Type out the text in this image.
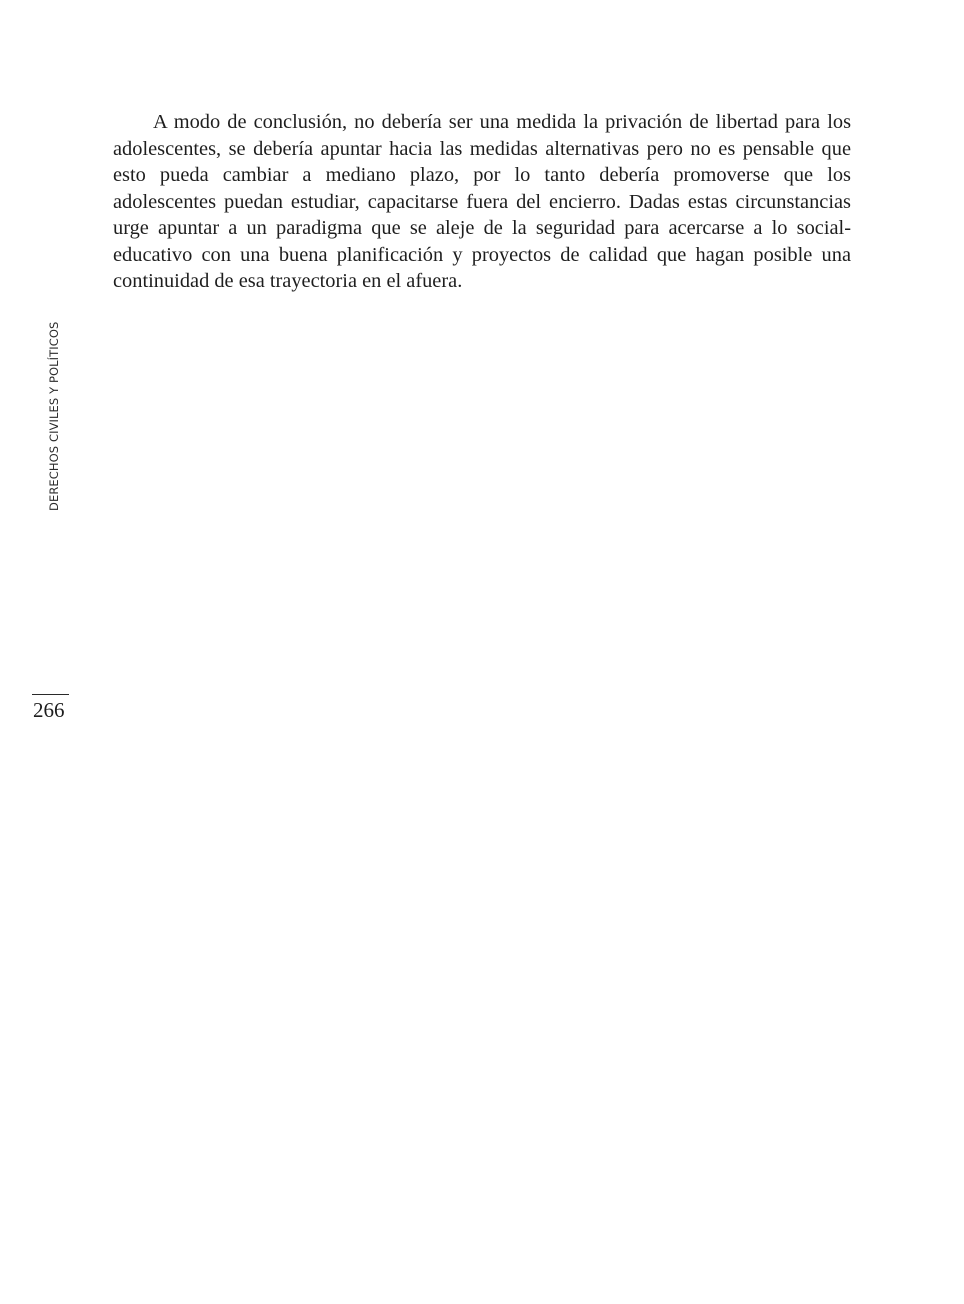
A modo de conclusión, no debería ser una medida la privación de libertad para los adolescentes, se debería apuntar hacia las medidas alternativas pero no es pensable que esto pueda cambiar a mediano plazo, por lo tanto debería promoverse que los adolescentes puedan estudiar, capacitarse fuera del encierro. Dadas estas circunstancias urge apuntar a un paradigma que se aleje de la seguridad para acercarse a lo social-educativo con una buena planificación y proyectos de calidad que hagan posible una continuidad de esa trayectoria en el afuera.

DERECHOS CIVILES Y POLÍTICOS
266
